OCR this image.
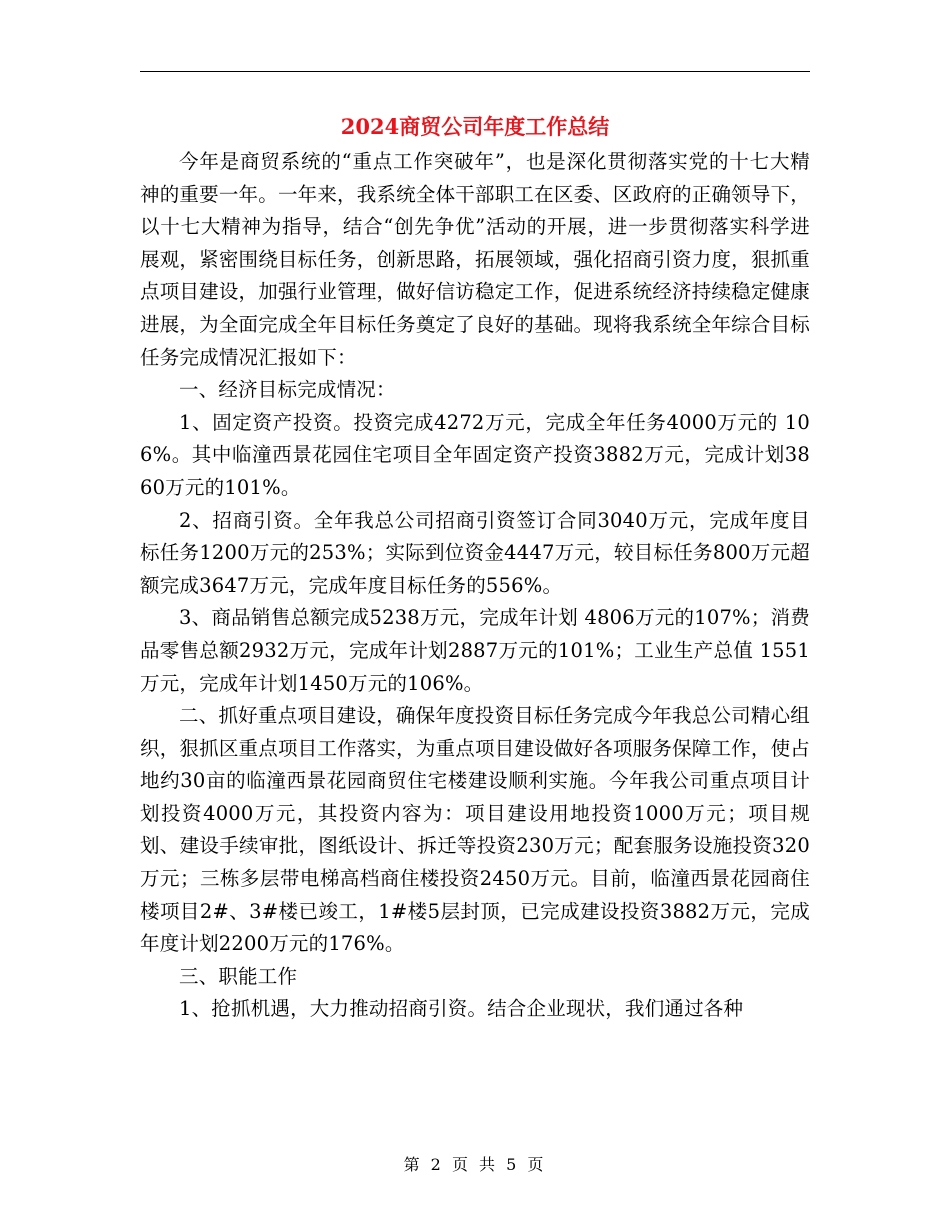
2024商贸公司年度工作总结

今年是商贸系统的“重点工作突破年”，也是深化贯彻落实党的十七大精神的重要一年。一年来，我系统全体干部职工在区委、区政府的正确领导下，以十七大精神为指导，结合“创先争优”活动的开展，进一步贯彻落实科学进展观，紧密围绕目标任务，创新思路，拓展领域，强化招商引资力度，狠抓重点项目建设，加强行业管理，做好信访稳定工作，促进系统经济持续稳定健康进展，为全面完成全年目标任务奠定了良好的基础。现将我系统全年综合目标任务完成情况汇报如下：

一、经济目标完成情况：

1、固定资产投资。投资完成4272万元，完成全年任务4000万元的 106%。其中临潼西景花园住宅项目全年固定资产投资3882万元，完成计划3860万元的101%。

2、招商引资。全年我总公司招商引资签订合同3040万元，完成年度目标任务1200万元的253%；实际到位资金4447万元，较目标任务800万元超额完成3647万元，完成年度目标任务的556%。

3、商品销售总额完成5238万元，完成年计划 4806万元的107%；消费品零售总额2932万元，完成年计划2887万元的101%；工业生产总值 1551万元，完成年计划1450万元的106%。

二、抓好重点项目建设，确保年度投资目标任务完成今年我总公司精心组织，狠抓区重点项目工作落实，为重点项目建设做好各项服务保障工作，使占地约30亩的临潼西景花园商贸住宅楼建设顺利实施。今年我公司重点项目计划投资4000万元，其投资内容为：项目建设用地投资1000万元；项目规划、建设手续审批，图纸设计、拆迁等投资230万元；配套服务设施投资320万元；三栋多层带电梯高档商住楼投资2450万元。目前，临潼西景花园商住楼项目2#、3#楼已竣工，1#楼5层封顶，已完成建设投资3882万元，完成年度计划2200万元的176%。

三、职能工作

1、抢抓机遇，大力推动招商引资。结合企业现状，我们通过各种

第 2 页 共 5 页
